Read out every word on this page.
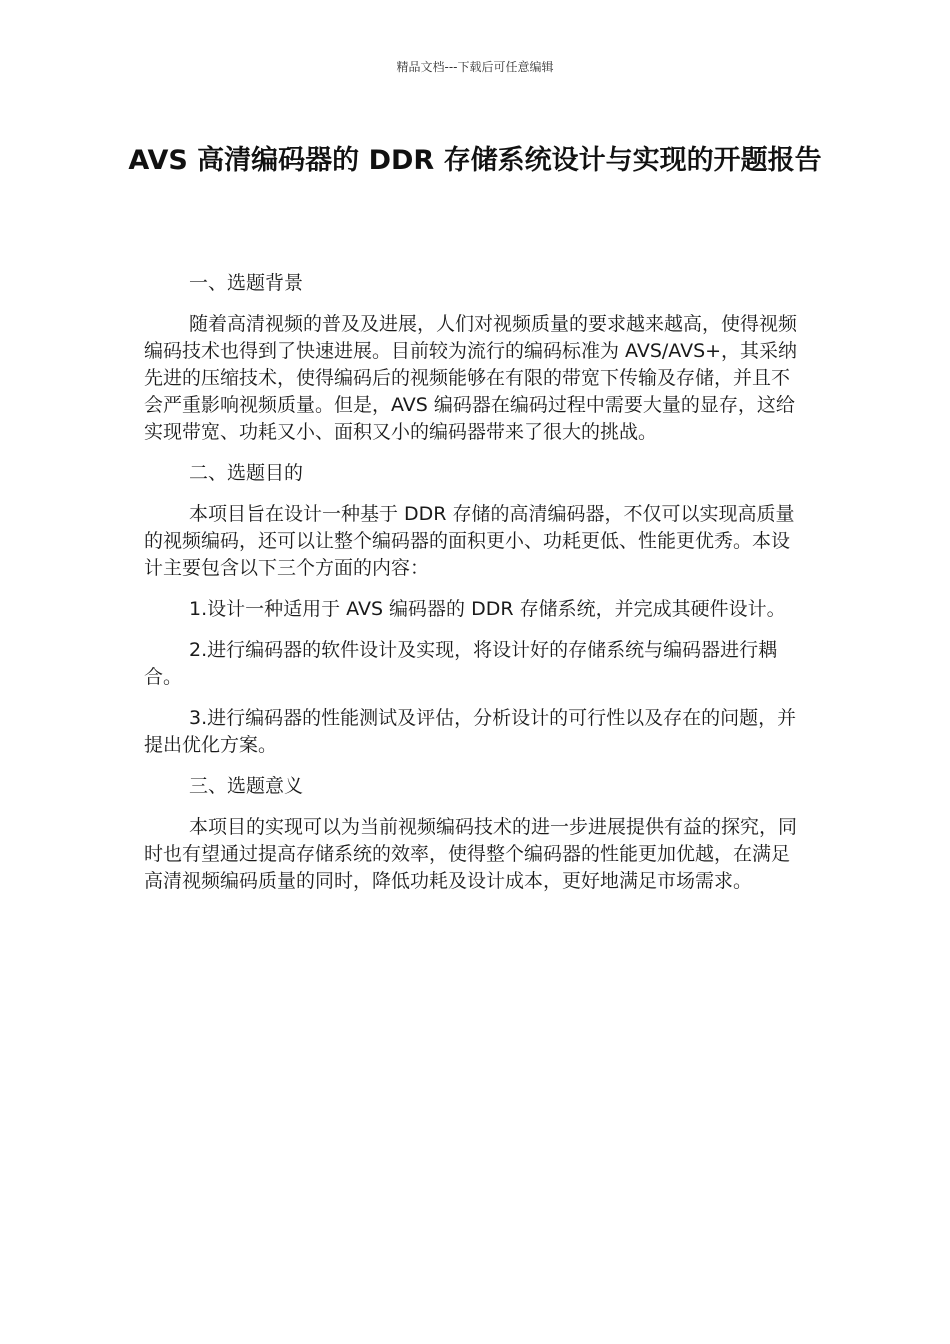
精品文档---下载后可任意编辑
AVS 高清编码器的 DDR 存储系统设计与实现的开题报告
一、选题背景

随着高清视频的普及及进展，人们对视频质量的要求越来越高，使得视频编码技术也得到了快速进展。目前较为流行的编码标准为 AVS/AVS+，其采纳先进的压缩技术，使得编码后的视频能够在有限的带宽下传输及存储，并且不会严重影响视频质量。但是，AVS 编码器在编码过程中需要大量的显存，这给实现带宽、功耗又小、面积又小的编码器带来了很大的挑战。

二、选题目的

本项目旨在设计一种基于 DDR 存储的高清编码器，不仅可以实现高质量的视频编码，还可以让整个编码器的面积更小、功耗更低、性能更优秀。本设计主要包含以下三个方面的内容：

1.设计一种适用于 AVS 编码器的 DDR 存储系统，并完成其硬件设计。

2.进行编码器的软件设计及实现，将设计好的存储系统与编码器进行耦合。

3.进行编码器的性能测试及评估，分析设计的可行性以及存在的问题，并提出优化方案。

三、选题意义

本项目的实现可以为当前视频编码技术的进一步进展提供有益的探究，同时也有望通过提高存储系统的效率，使得整个编码器的性能更加优越，在满足高清视频编码质量的同时，降低功耗及设计成本，更好地满足市场需求。
